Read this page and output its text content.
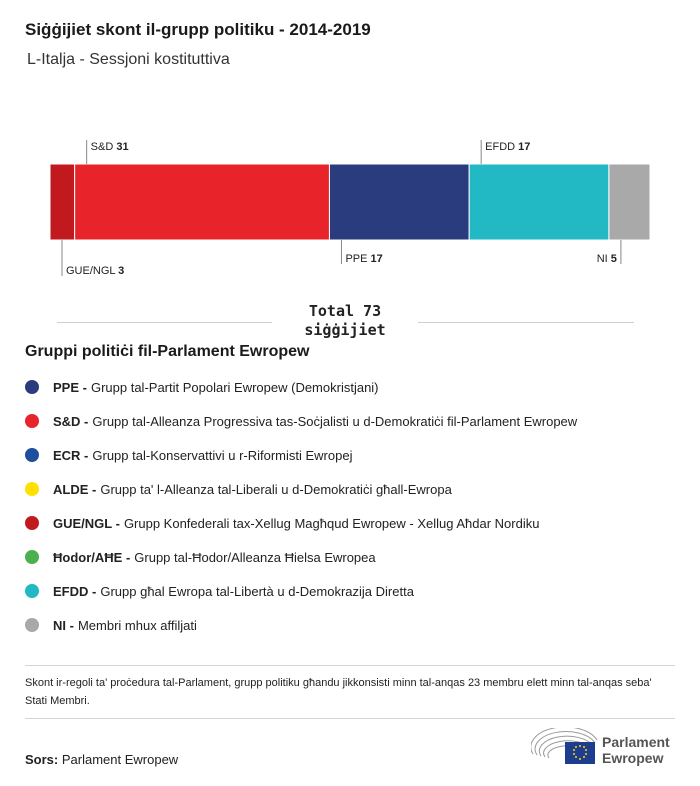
Siġġijiet skont il-grupp politiku - 2014-2019
L-Italja - Sessjoni kostituttiva
GUE/NGL 3
S&D 31
PPE 17
EFDD 17
NI 5
Total 73
siġġijiet
Gruppi politiċi fil-Parlament Ewropew
PPE - Grupp tal-Partit Popolari Ewropew (Demokristjani)
S&D - Grupp tal-Alleanza Progressiva tas-Soċjalisti u d-Demokratiċi fil-Parlament Ewropew
ECR - Grupp tal-Konservattivi u r-Riformisti Ewropej
ALDE - Grupp ta' l-Alleanza tal-Liberali u d-Demokratiċi għall-Ewropa
GUE/NGL - Grupp Konfederali tax-Xellug Magħqud Ewropew - Xellug Aħdar Nordiku
Ħodor/AĦE - Grupp tal-Ħodor/Alleanza Ħielsa Ewropea
EFDD - Grupp għal Ewropa tal-Libertà u d-Demokrazija Diretta
NI - Membri mhux affiljati
Skont ir-regoli ta' proċedura tal-Parlament, grupp politiku għandu jikkonsisti minn tal-anqas 23 membru elett minn tal-anqas seba' Stati Membri.
Sors: Parlament Ewropew
Parlament
Ewropew
